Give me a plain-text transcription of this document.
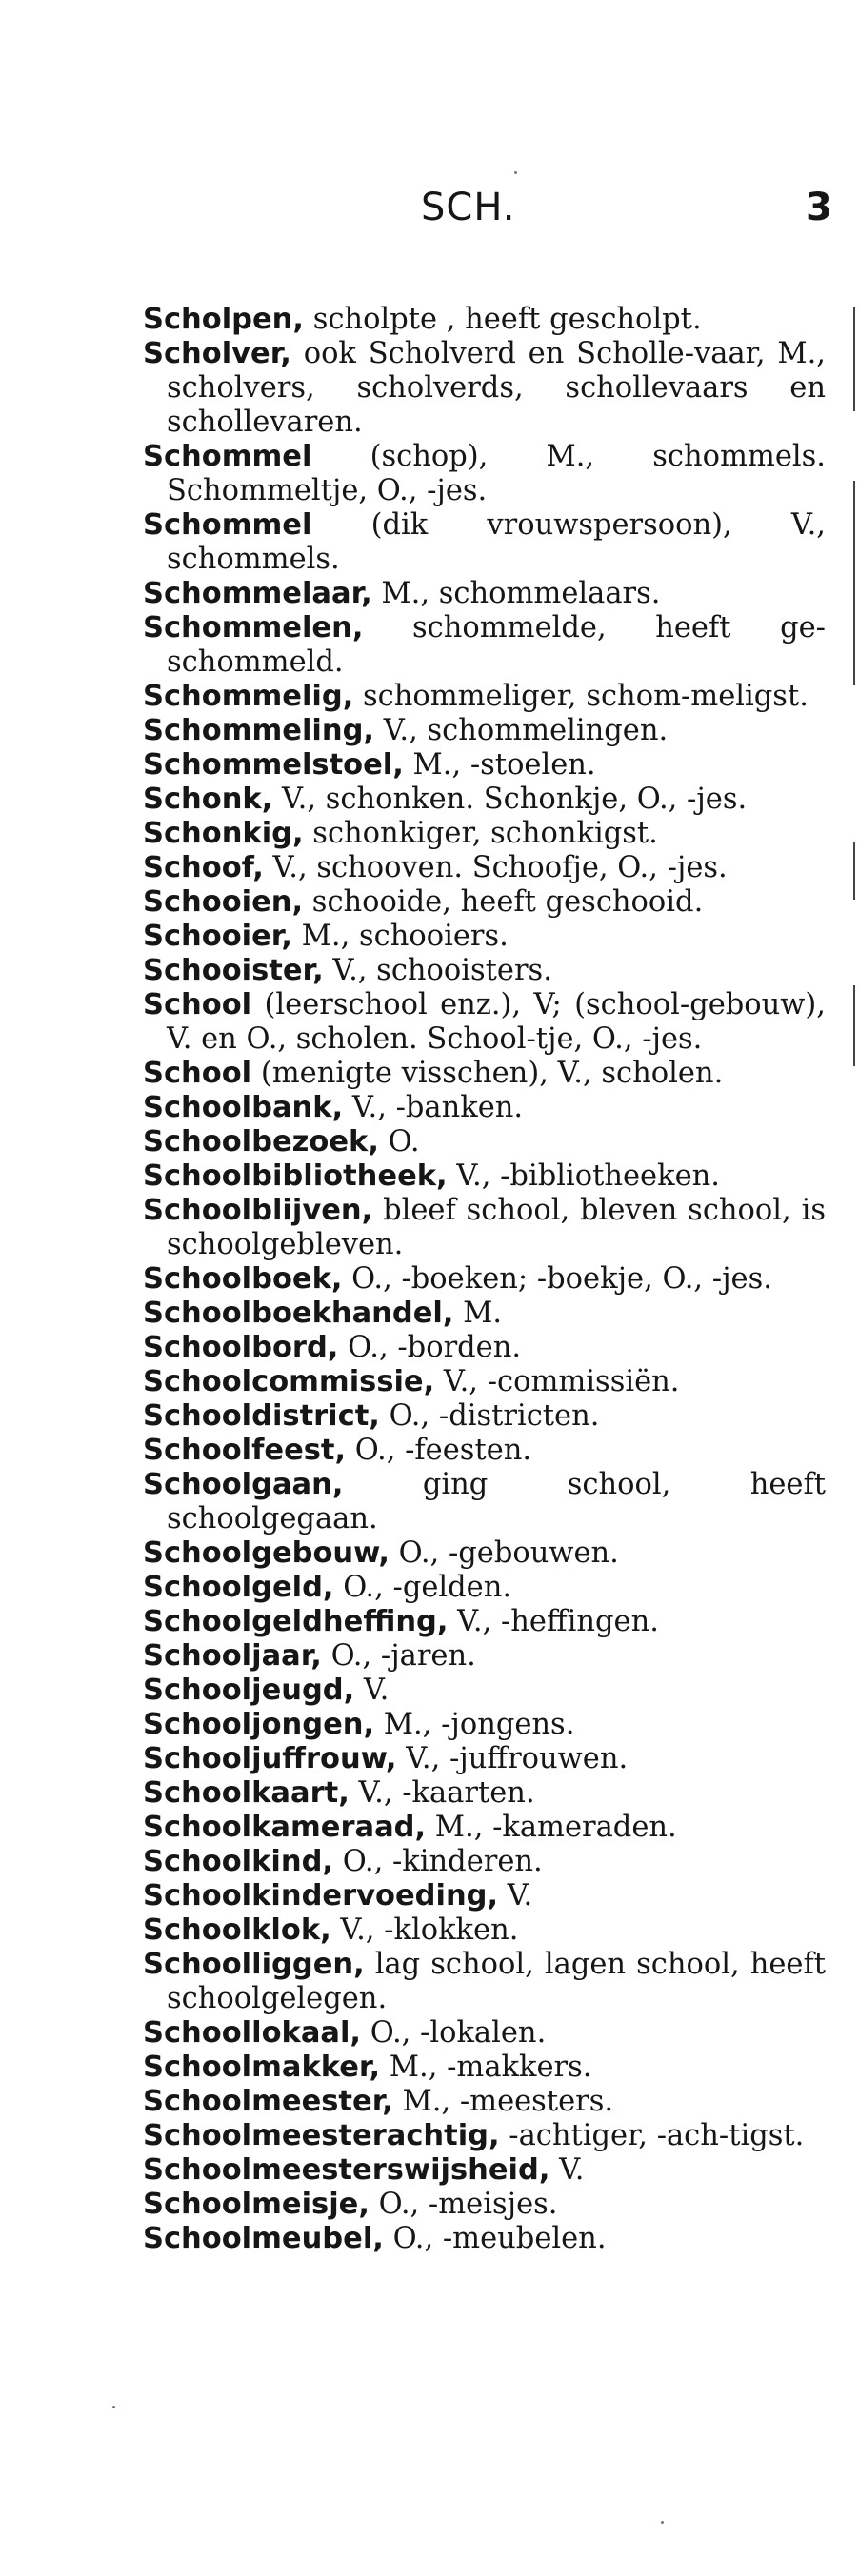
SCH.	3

Scholpen, scholpte , heeft gescholpt.

Scholver, ook Scholverd en Scholle-vaar, M., scholvers, scholverds, schollevaars en schollevaren.

Schommel (schop), M., schommels. Schommeltje, O., -jes.

Schommel (dik vrouwspersoon), V., schommels.

Schommelaar, M., schommelaars.

Schommelen, schommelde, heeft ge-schommeld.

Schommelig, schommeliger, schom-meligst.

Schommeling, V., schommelingen.

Schommelstoel, M., -stoelen.

Schonk, V., schonken. Schonkje, O., -jes.

Schonkig, schonkiger, schonkigst.

Schoof, V., schooven. Schoofje, O., -jes.

Schooien, schooide, heeft geschooid.

Schooier, M., schooiers.

Schooister, V., schooisters.

School (leerschool enz.), V; (school-gebouw), V. en O., scholen. School-tje, O., -jes.

School (menigte visschen), V., scholen.

Schoolbank, V., -banken.

Schoolbezoek, O.

Schoolbibliotheek, V., -bibliotheeken.

Schoolblijven, bleef school, bleven school, is schoolgebleven.

Schoolboek, O., -boeken; -boekje, O., -jes.

Schoolboekhandel, M.

Schoolbord, O., -borden.

Schoolcommissie, V., -commissiën.

Schooldistrict, O., -districten.

Schoolfeest, O., -feesten.

Schoolgaan, ging school, heeft schoolgegaan.

Schoolgebouw, O., -gebouwen.

Schoolgeld, O., -gelden.

Schoolgeldheffing, V., -heffingen.

Schooljaar, O., -jaren.

Schooljeugd, V.

Schooljongen, M., -jongens.

Schooljuffrouw, V., -juffrouwen.

Schoolkaart, V., -kaarten.

Schoolkameraad, M., -kameraden.

Schoolkind, O., -kinderen.

Schoolkindervoeding, V.

Schoolklok, V., -klokken.

Schoolliggen, lag school, lagen school, heeft schoolgelegen.

Schoollokaal, O., -lokalen.

Schoolmakker, M., -makkers.

Schoolmeester, M., -meesters.

Schoolmeesterachtig, -achtiger, -ach-tigst.

Schoolmeesterswijsheid, V.

Schoolmeisje, O., -meisjes.

Schoolmeubel, O., -meubelen.
